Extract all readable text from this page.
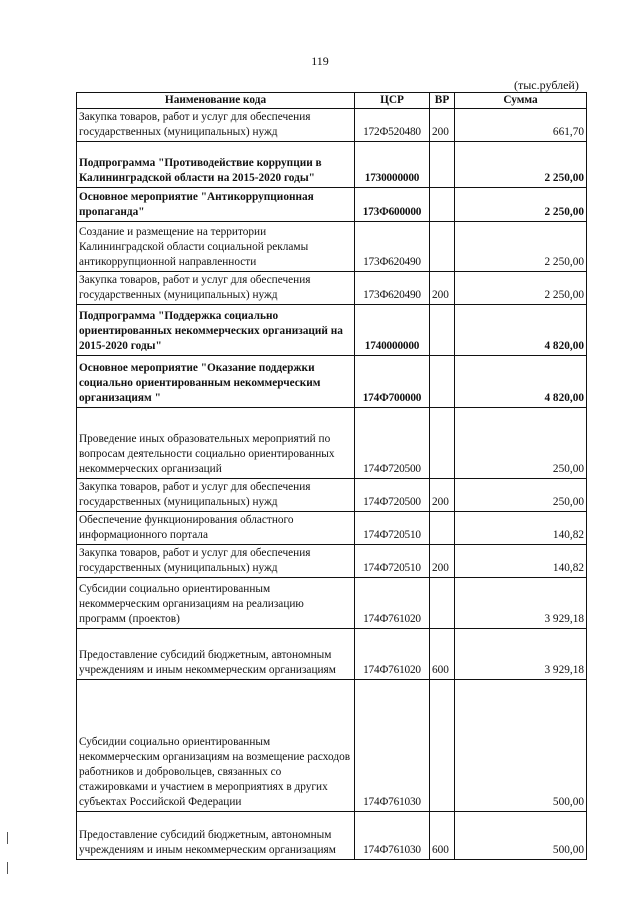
119
(тыс.рублей)
Наименование кода	ЦСР	ВР	Сумма
Закупка товаров, работ и услуг для обеспечения государственных (муниципальных) нужд	172Ф520480	200	661,70
Подпрограмма "Противодействие коррупции в Калининградской области на 2015-2020 годы"	1730000000		2 250,00
Основное мероприятие "Антикоррупционная пропаганда"	173Ф600000		2 250,00
Создание и размещение на территории Калининградской области социальной рекламы антикоррупционной направленности	173Ф620490		2 250,00
Закупка товаров, работ и услуг для обеспечения государственных (муниципальных) нужд	173Ф620490	200	2 250,00
Подпрограмма "Поддержка социально ориентированных некоммерческих организаций на 2015-2020 годы"	1740000000		4 820,00
Основное мероприятие "Оказание поддержки социально ориентированным некоммерческим организациям "	174Ф700000		4 820,00
Проведение иных образовательных мероприятий по вопросам деятельности социально ориентированных некоммерческих организаций	174Ф720500		250,00
Закупка товаров, работ и услуг для обеспечения государственных (муниципальных) нужд	174Ф720500	200	250,00
Обеспечение функционирования областного информационного портала	174Ф720510		140,82
Закупка товаров, работ и услуг для обеспечения государственных (муниципальных) нужд	174Ф720510	200	140,82
Субсидии социально ориентированным некоммерческим организациям на реализацию программ (проектов)	174Ф761020		3 929,18
Предоставление субсидий бюджетным, автономным учреждениям и иным некоммерческим организациям	174Ф761020	600	3 929,18
Субсидии социально ориентированным некоммерческим организациям на возмещение расходов работников и добровольцев, связанных со стажировками и участием в мероприятиях в других субъектах Российской Федерации	174Ф761030		500,00
Предоставление субсидий бюджетным, автономным учреждениям и иным некоммерческим организациям	174Ф761030	600	500,00
